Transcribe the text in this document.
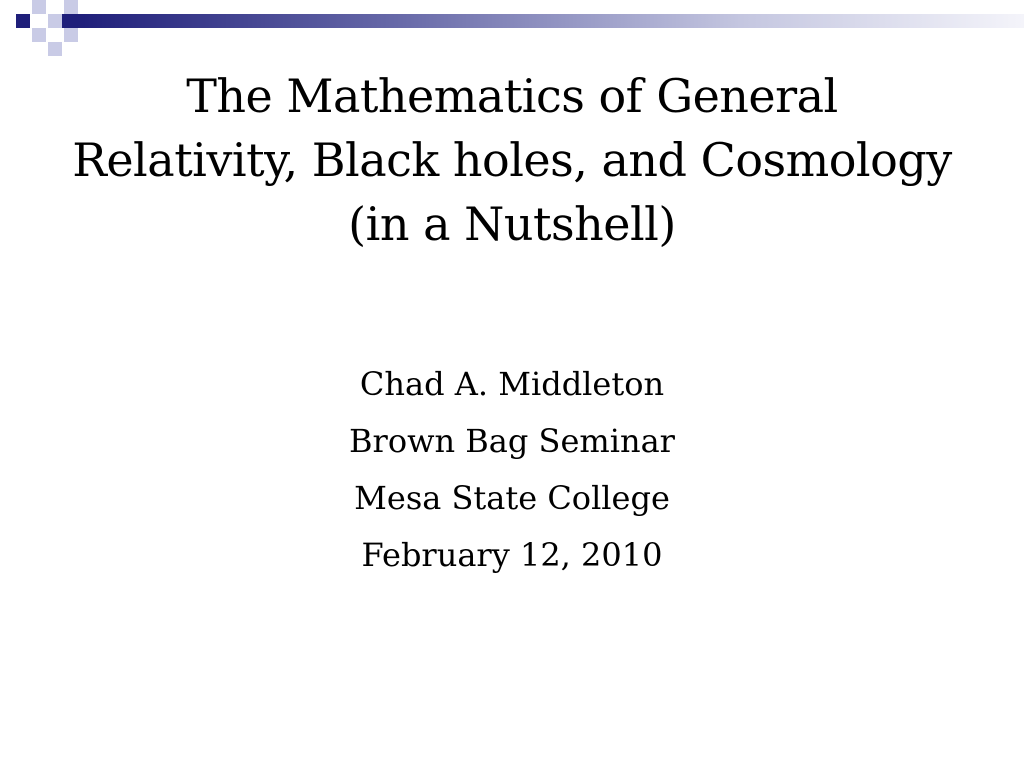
The Mathematics of General
Relativity, Black holes, and Cosmology
(in a Nutshell)
Chad A. Middleton
Brown Bag Seminar
Mesa State College
February 12, 2010
